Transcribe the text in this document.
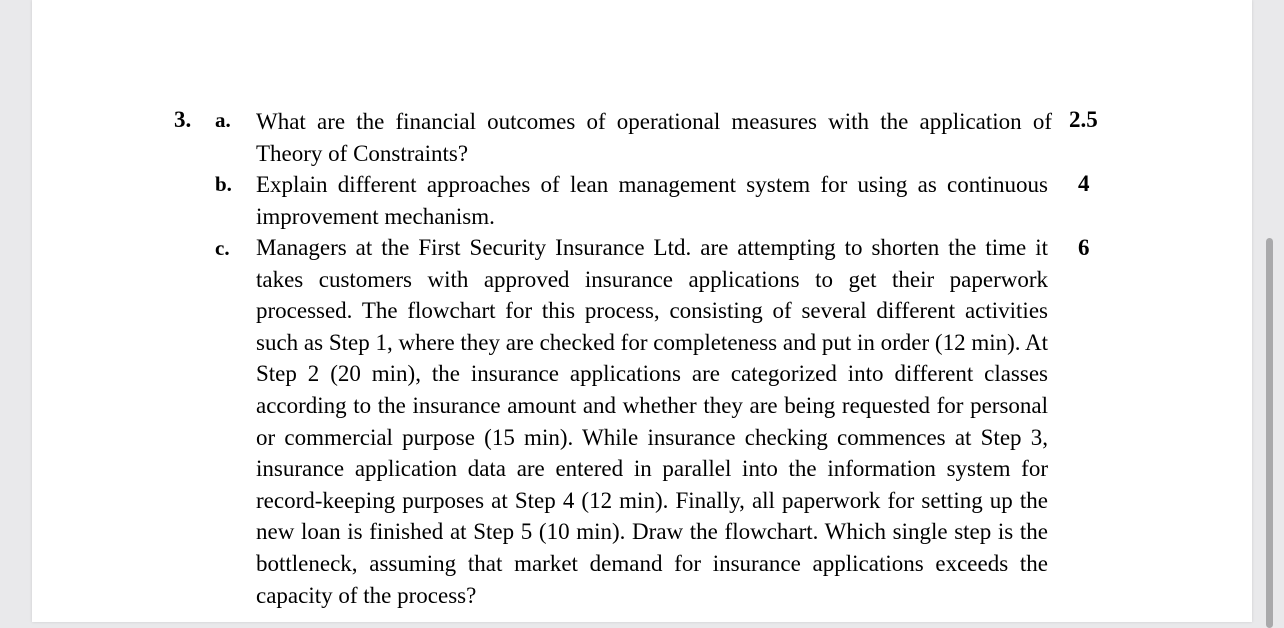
3. a. What are the financial outcomes of operational measures with the application of Theory of Constraints?
2.5
b. Explain different approaches of lean management system for using as continuous improvement mechanism.
4
c. Managers at the First Security Insurance Ltd. are attempting to shorten the time it takes customers with approved insurance applications to get their paperwork processed. The flowchart for this process, consisting of several different activities such as Step 1, where they are checked for completeness and put in order (12 min). At Step 2 (20 min), the insurance applications are categorized into different classes according to the insurance amount and whether they are being requested for personal or commercial purpose (15 min). While insurance checking commences at Step 3, insurance application data are entered in parallel into the information system for record-keeping purposes at Step 4 (12 min). Finally, all paperwork for setting up the new loan is finished at Step 5 (10 min). Draw the flowchart. Which single step is the bottleneck, assuming that market demand for insurance applications exceeds the capacity of the process?
6
